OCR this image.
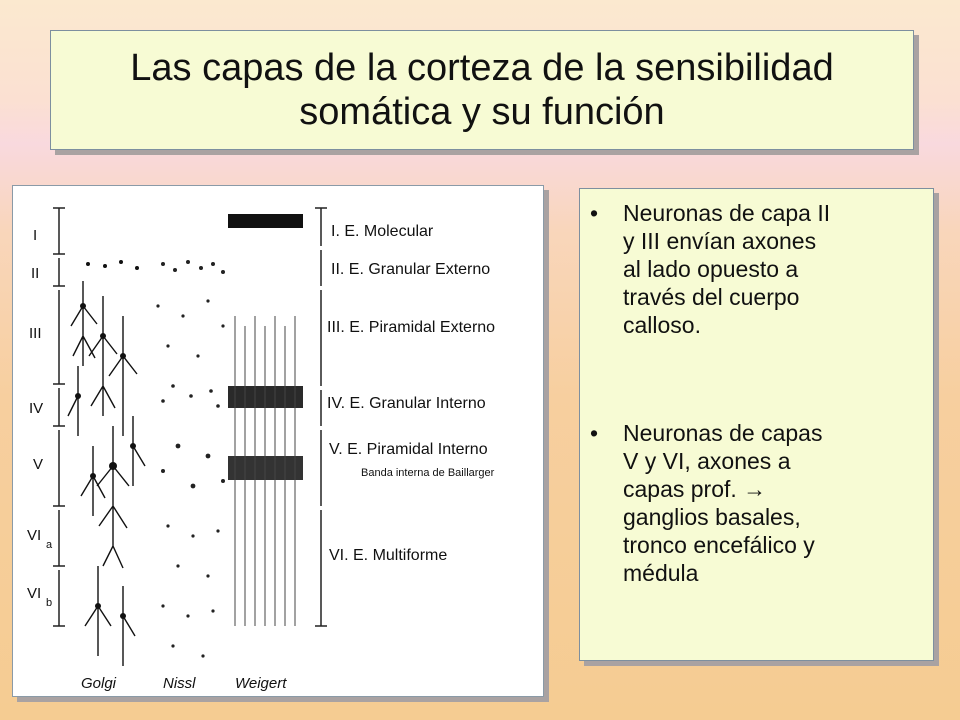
Las capas de la corteza de la sensibilidad
somática y su función
I
II
III
IV
V
VI
a
VI
b
I. E. Molecular
II. E. Granular Externo
III. E. Piramidal Externo
IV. E. Granular Interno
V. E. Piramidal Interno
Banda interna de Baillarger
VI. E. Multiforme
Golgi	Nissl	Weigert
•	Neuronas de capa II
y III envían axones
al lado opuesto a
través del cuerpo
calloso.
•	Neuronas de capas
V y VI, axones a
capas prof. →
ganglios basales,
tronco encefálico y
médula
